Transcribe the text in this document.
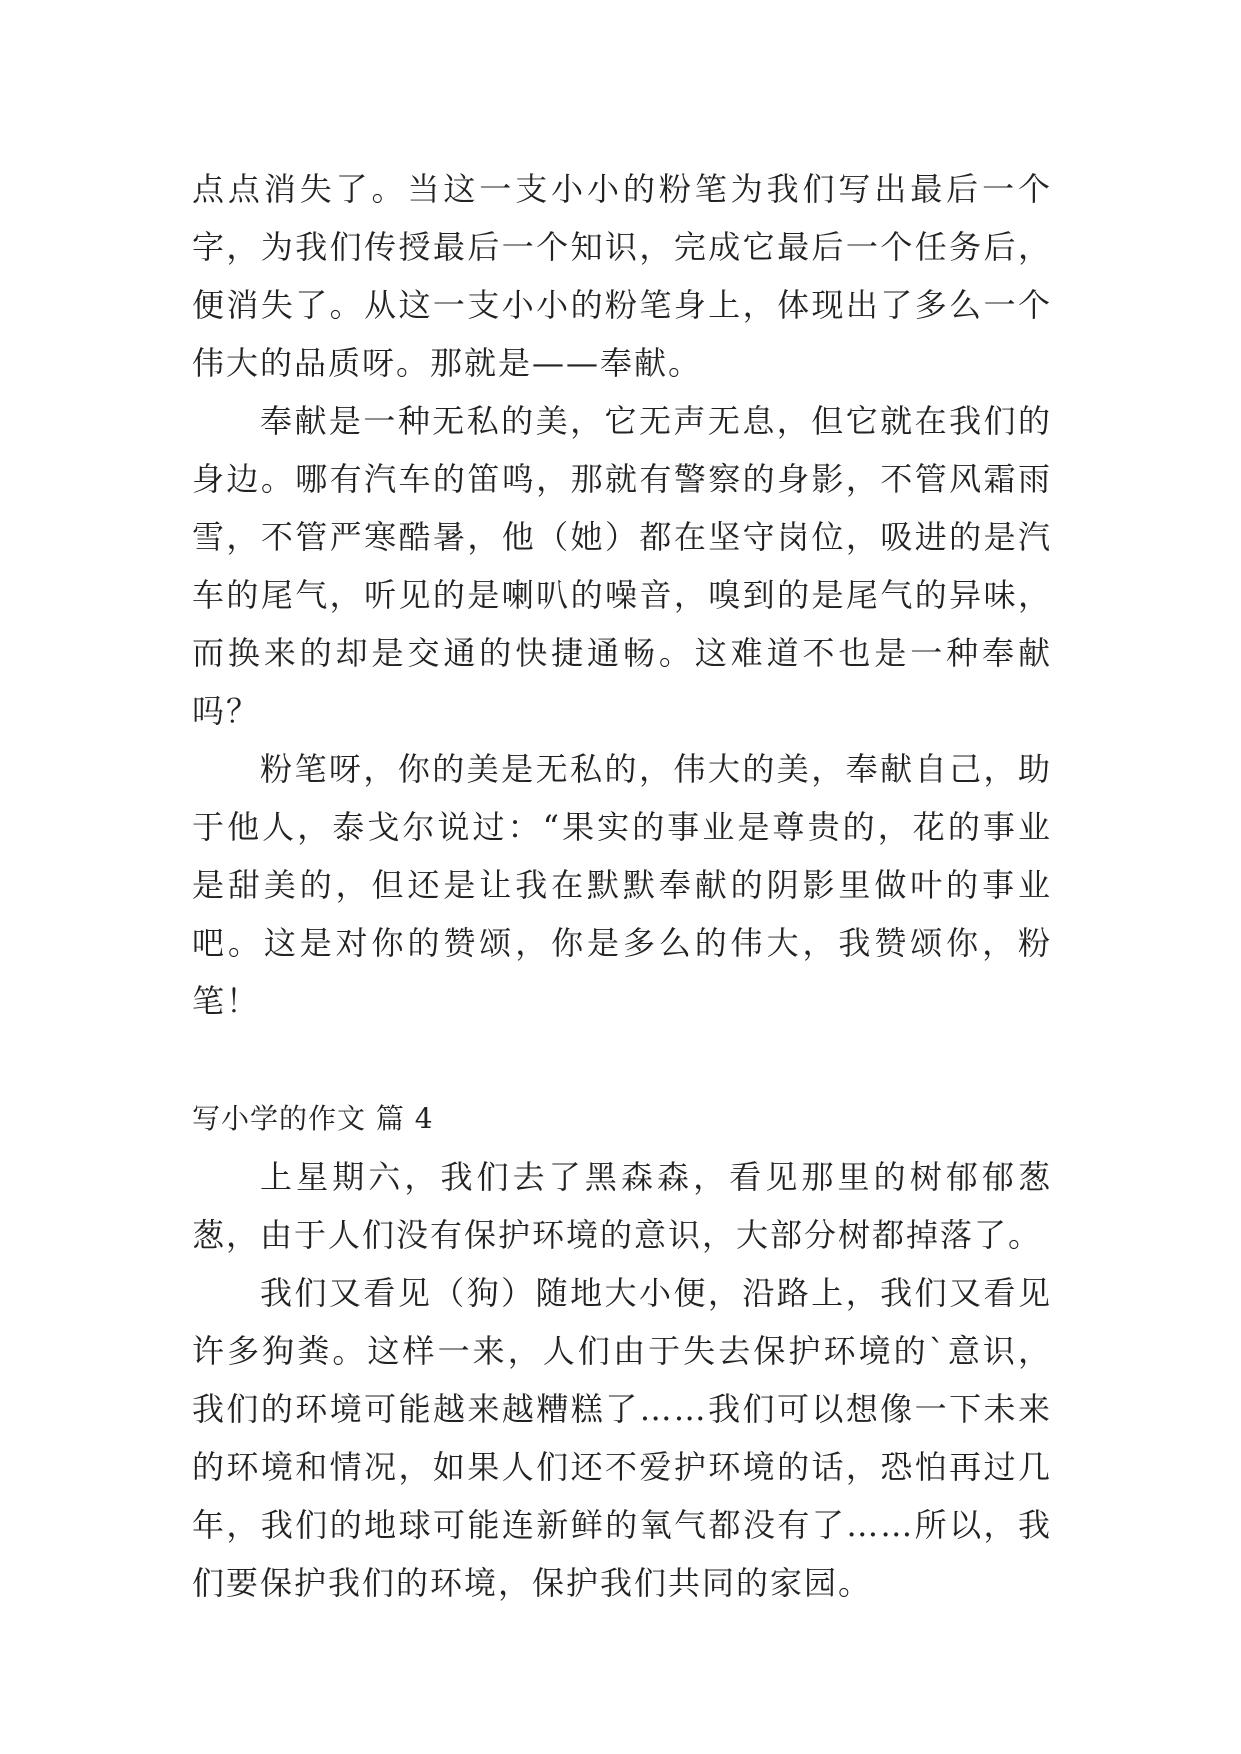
点点消失了。当这一支小小的粉笔为我们写出最后一个字，为我们传授最后一个知识，完成它最后一个任务后，便消失了。从这一支小小的粉笔身上，体现出了多么一个伟大的品质呀。那就是——奉献。

奉献是一种无私的美，它无声无息，但它就在我们的身边。哪有汽车的笛鸣，那就有警察的身影，不管风霜雨雪，不管严寒酷暑，他（她）都在坚守岗位，吸进的是汽车的尾气，听见的是喇叭的噪音，嗅到的是尾气的异味，而换来的却是交通的快捷通畅。这难道不也是一种奉献吗？

粉笔呀，你的美是无私的，伟大的美，奉献自己，助于他人，泰戈尔说过：“果实的事业是尊贵的，花的事业是甜美的，但还是让我在默默奉献的阴影里做叶的事业吧。这是对你的赞颂，你是多么的伟大，我赞颂你，粉笔！

写小学的作文 篇 4

上星期六，我们去了黑森森，看见那里的树郁郁葱葱，由于人们没有保护环境的意识，大部分树都掉落了。

我们又看见（狗）随地大小便，沿路上，我们又看见许多狗粪。这样一来，人们由于失去保护环境的`意识，我们的环境可能越来越糟糕了……我们可以想像一下未来的环境和情况，如果人们还不爱护环境的话，恐怕再过几年，我们的地球可能连新鲜的氧气都没有了……所以，我们要保护我们的环境，保护我们共同的家园。
